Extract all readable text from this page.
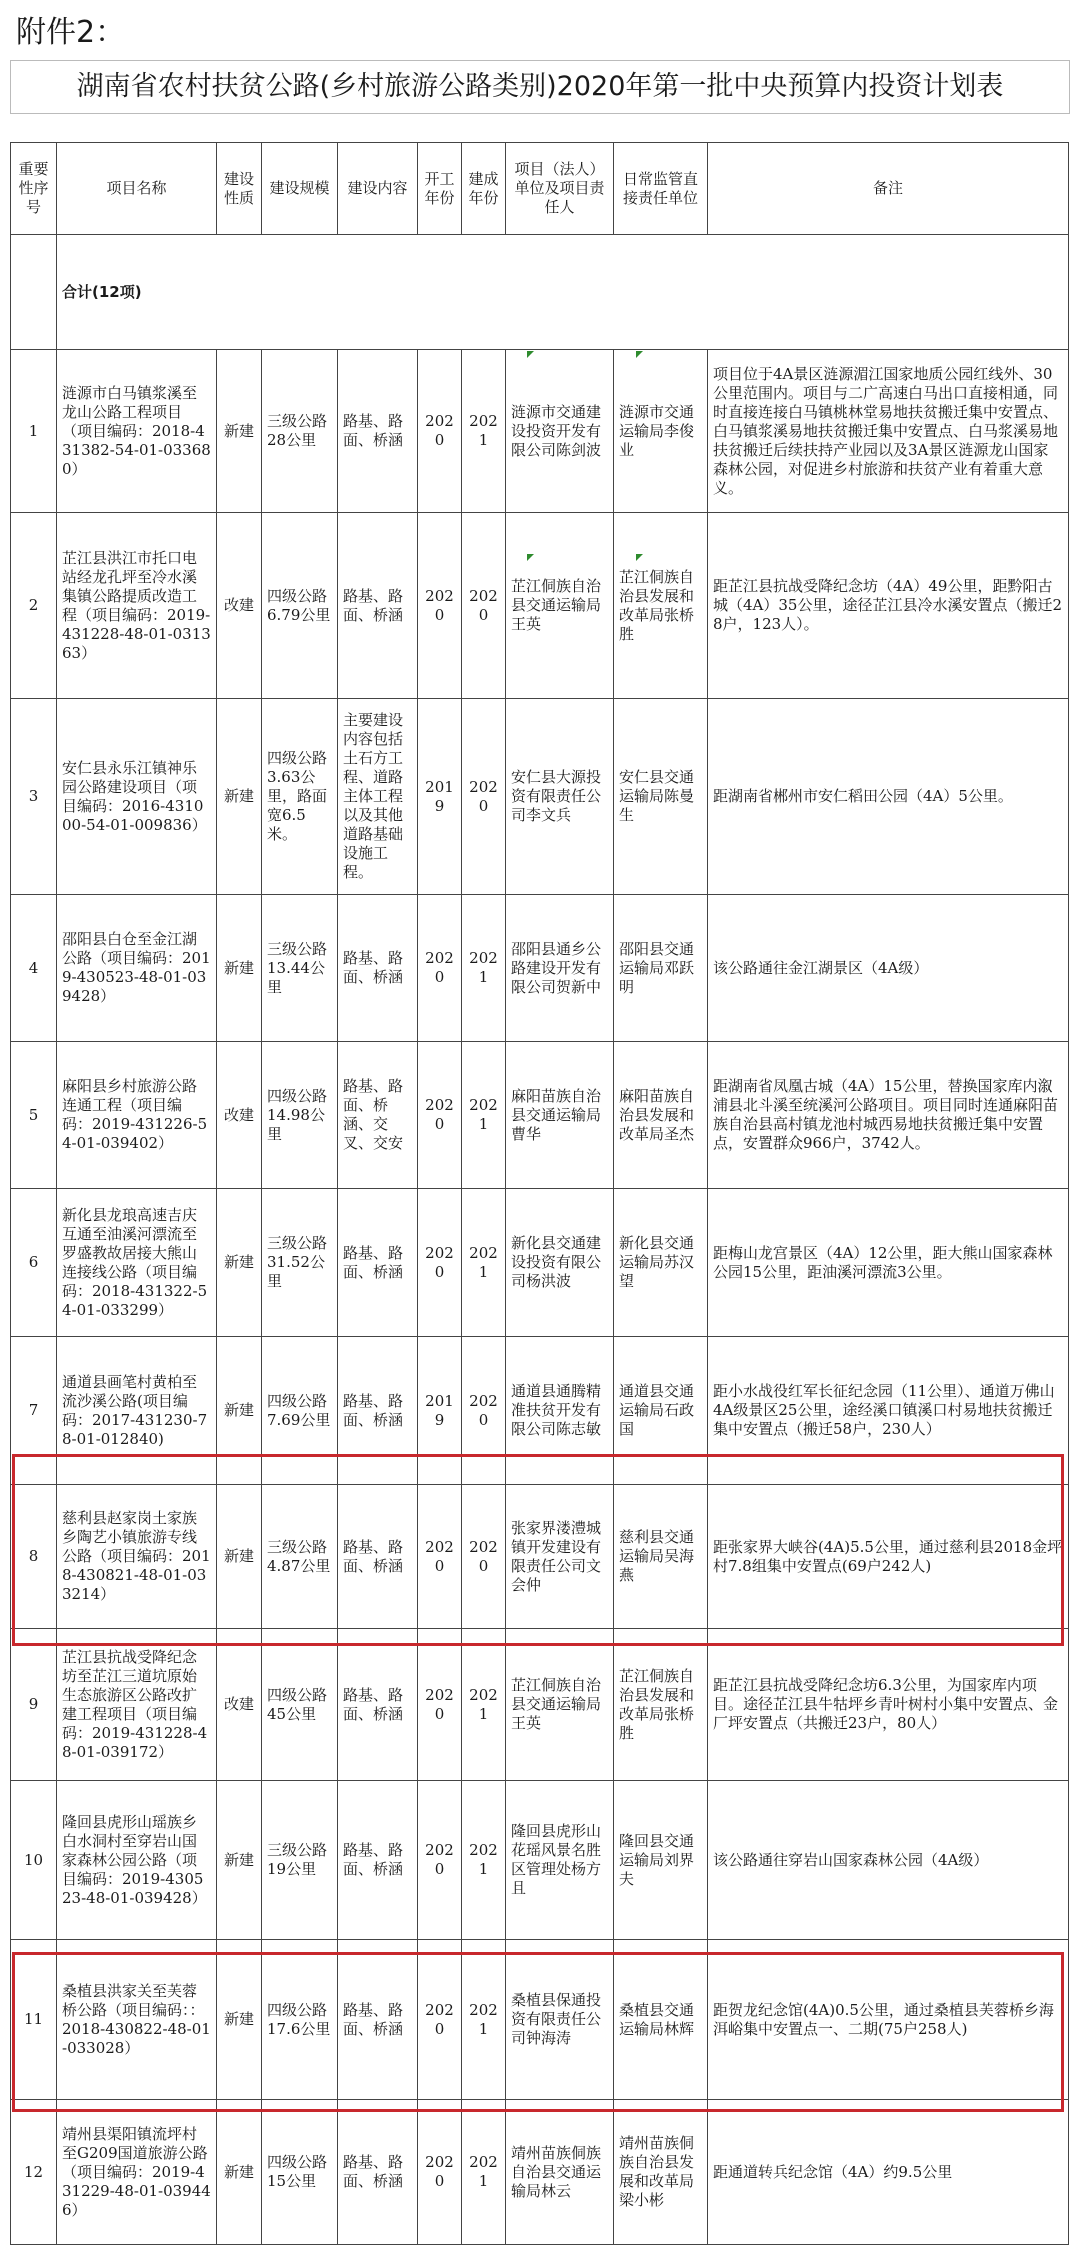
附件2：
湖南省农村扶贫公路(乡村旅游公路类别)2020年第一批中央预算内投资计划表
重要性序号	项目名称	建设性质	建设规模	建设内容	开工年份	建成年份	项目（法人）单位及项目责任人	日常监管直接责任单位	备注
	合计(12项)								
1	涟源市白马镇浆溪至龙山公路工程项目（项目编码：2018-431382-54-01-033680）	新建	三级公路28公里	路基、路面、桥涵	2020	2021	涟源市交通建设投资开发有限公司陈剑波	涟源市交通运输局李俊业	项目位于4A景区涟源湄江国家地质公园红线外、30公里范围内。项目与二广高速白马出口直接相通，同时直接连接白马镇桃林堂易地扶贫搬迁集中安置点、白马镇浆溪易地扶贫搬迁集中安置点、白马浆溪易地扶贫搬迁后续扶持产业园以及3A景区涟源龙山国家森林公园，对促进乡村旅游和扶贫产业有着重大意义。
2	芷江县洪江市托口电站经龙孔坪至冷水溪集镇公路提质改造工程（项目编码：2019-431228-48-01-031363）	改建	四级公路6.79公里	路基、路面、桥涵	2020	2020	芷江侗族自治县交通运输局王英	芷江侗族自治县发展和改革局张桥胜	距芷江县抗战受降纪念坊（4A）49公里，距黔阳古城（4A）35公里，途径芷江县冷水溪安置点（搬迁28户，123人）。
3	安仁县永乐江镇神乐园公路建设项目（项目编码：2016-431000-54-01-009836）	新建	四级公路3.63公里，路面宽6.5米。	主要建设内容包括土石方工程、道路主体工程以及其他道路基础设施工程。	2019	2020	安仁县大源投资有限责任公司李文兵	安仁县交通运输局陈曼生	距湖南省郴州市安仁稻田公园（4A）5公里。
4	邵阳县白仓至金江湖公路（项目编码：2019-430523-48-01-039428）	新建	三级公路13.44公里	路基、路面、桥涵	2020	2021	邵阳县通乡公路建设开发有限公司贺新中	邵阳县交通运输局邓跃明	该公路通往金江湖景区（4A级）
5	麻阳县乡村旅游公路连通工程（项目编码：2019-431226-54-01-039402）	改建	四级公路14.98公里	路基、路面、桥涵、交叉、交安	2020	2021	麻阳苗族自治县交通运输局曹华	麻阳苗族自治县发展和改革局圣杰	距湖南省凤凰古城（4A）15公里，替换国家库内溆浦县北斗溪至统溪河公路项目。项目同时连通麻阳苗族自治县高村镇龙池村城西易地扶贫搬迁集中安置点，安置群众966户，3742人。
6	新化县龙琅高速吉庆互通至油溪河漂流至罗盛教故居接大熊山连接线公路（项目编码：2018-431322-54-01-033299）	新建	三级公路31.52公里	路基、路面、桥涵	2020	2021	新化县交通建设投资有限公司杨洪波	新化县交通运输局苏汉望	距梅山龙宫景区（4A）12公里，距大熊山国家森林公园15公里，距油溪河漂流3公里。
7	通道县画笔村黄柏至流沙溪公路(项目编码：2017-431230-78-01-012840)	新建	四级公路7.69公里	路基、路面、桥涵	2019	2020	通道县通腾精准扶贫开发有限公司陈志敏	通道县交通运输局石政国	距小水战役红军长征纪念园（11公里）、通道万佛山4A级景区25公里，途经溪口镇溪口村易地扶贫搬迁集中安置点（搬迁58户，230人）
8	慈利县赵家岗土家族乡陶艺小镇旅游专线公路（项目编码：2018-430821-48-01-033214）	新建	三级公路4.87公里	路基、路面、桥涵	2020	2020	张家界溇澧城镇开发建设有限责任公司文会仲	慈利县交通运输局吴海燕	距张家界大峡谷(4A)5.5公里，通过慈利县2018金坪村7.8组集中安置点(69户242人)
9	芷江县抗战受降纪念坊至芷江三道坑原始生态旅游区公路改扩建工程项目（项目编码：2019-431228-48-01-039172）	改建	四级公路45公里	路基、路面、桥涵	2020	2021	芷江侗族自治县交通运输局王英	芷江侗族自治县发展和改革局张桥胜	距芷江县抗战受降纪念坊6.3公里，为国家库内项目。途径芷江县牛牯坪乡青叶树村小集中安置点、金厂坪安置点（共搬迁23户，80人）
10	隆回县虎形山瑶族乡白水洞村至穿岩山国家森林公园公路（项目编码：2019-430523-48-01-039428）	新建	三级公路19公里	路基、路面、桥涵	2020	2021	隆回县虎形山花瑶风景名胜区管理处杨方且	隆回县交通运输局刘界夫	该公路通往穿岩山国家森林公园（4A级）
11	桑植县洪家关至芙蓉桥公路（项目编码：：2018-430822-48-01-033028）	新建	四级公路17.6公里	路基、路面、桥涵	2020	2021	桑植县保通投资有限责任公司钟海涛	桑植县交通运输局林辉	距贺龙纪念馆(4A)0.5公里，通过桑植县芙蓉桥乡海洱峪集中安置点一、二期(75户258人)
12	靖州县渠阳镇流坪村至G209国道旅游公路（项目编码：2019-431229-48-01-039446）	新建	四级公路15公里	路基、路面、桥涵	2020	2021	靖州苗族侗族自治县交通运输局林云	靖州苗族侗族自治县发展和改革局梁小彬	距通道转兵纪念馆（4A）约9.5公里
